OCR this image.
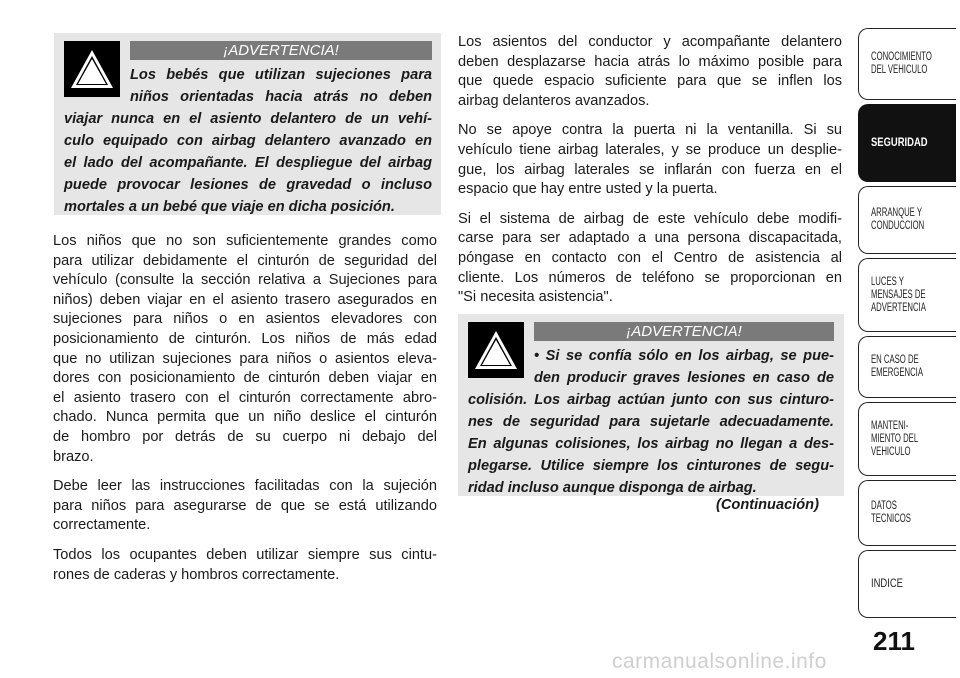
¡ADVERTENCIA!
Los bebés que utilizan sujeciones para
niños orientadas hacia atrás no deben
viajar nunca en el asiento delantero de un vehí-
culo equipado con airbag delantero avanzado en
el lado del acompañante. El despliegue del airbag
puede provocar lesiones de gravedad o incluso
mortales a un bebé que viaje en dicha posición.

Los niños que no son suficientemente grandes como
para utilizar debidamente el cinturón de seguridad del
vehículo (consulte la sección relativa a Sujeciones para
niños) deben viajar en el asiento trasero asegurados en
sujeciones para niños o en asientos elevadores con
posicionamiento de cinturón. Los niños de más edad
que no utilizan sujeciones para niños o asientos eleva-
dores con posicionamiento de cinturón deben viajar en
el asiento trasero con el cinturón correctamente abro-
chado. Nunca permita que un niño deslice el cinturón
de hombro por detrás de su cuerpo ni debajo del
brazo.

Debe leer las instrucciones facilitadas con la sujeción
para niños para asegurarse de que se está utilizando
correctamente.

Todos los ocupantes deben utilizar siempre sus cintu-
rones de caderas y hombros correctamente.

Los asientos del conductor y acompañante delantero
deben desplazarse hacia atrás lo máximo posible para
que quede espacio suficiente para que se inflen los
airbag delanteros avanzados.

No se apoye contra la puerta ni la ventanilla. Si su
vehículo tiene airbag laterales, y se produce un desplie-
gue, los airbag laterales se inflarán con fuerza en el
espacio que hay entre usted y la puerta.

Si el sistema de airbag de este vehículo debe modifi-
carse para ser adaptado a una persona discapacitada,
póngase en contacto con el Centro de asistencia al
cliente. Los números de teléfono se proporcionan en
"Si necesita asistencia".

¡ADVERTENCIA!
• Si se confía sólo en los airbag, se pue-
den producir graves lesiones en caso de
colisión. Los airbag actúan junto con sus cinturo-
nes de seguridad para sujetarle adecuadamente.
En algunas colisiones, los airbag no llegan a des-
plegarse. Utilice siempre los cinturones de segu-
ridad incluso aunque disponga de airbag.
(Continuación)
CONOCIMIENTO
DEL VEHICULO
SEGURIDAD
ARRANQUE Y
CONDUCCION
LUCES Y
MENSAJES DE
ADVERTENCIA
EN CASO DE
EMERGENCIA
MANTENI-
MIENTO DEL
VEHICULO
DATOS
TECNICOS
INDICE
211
carmanualsonline.info
